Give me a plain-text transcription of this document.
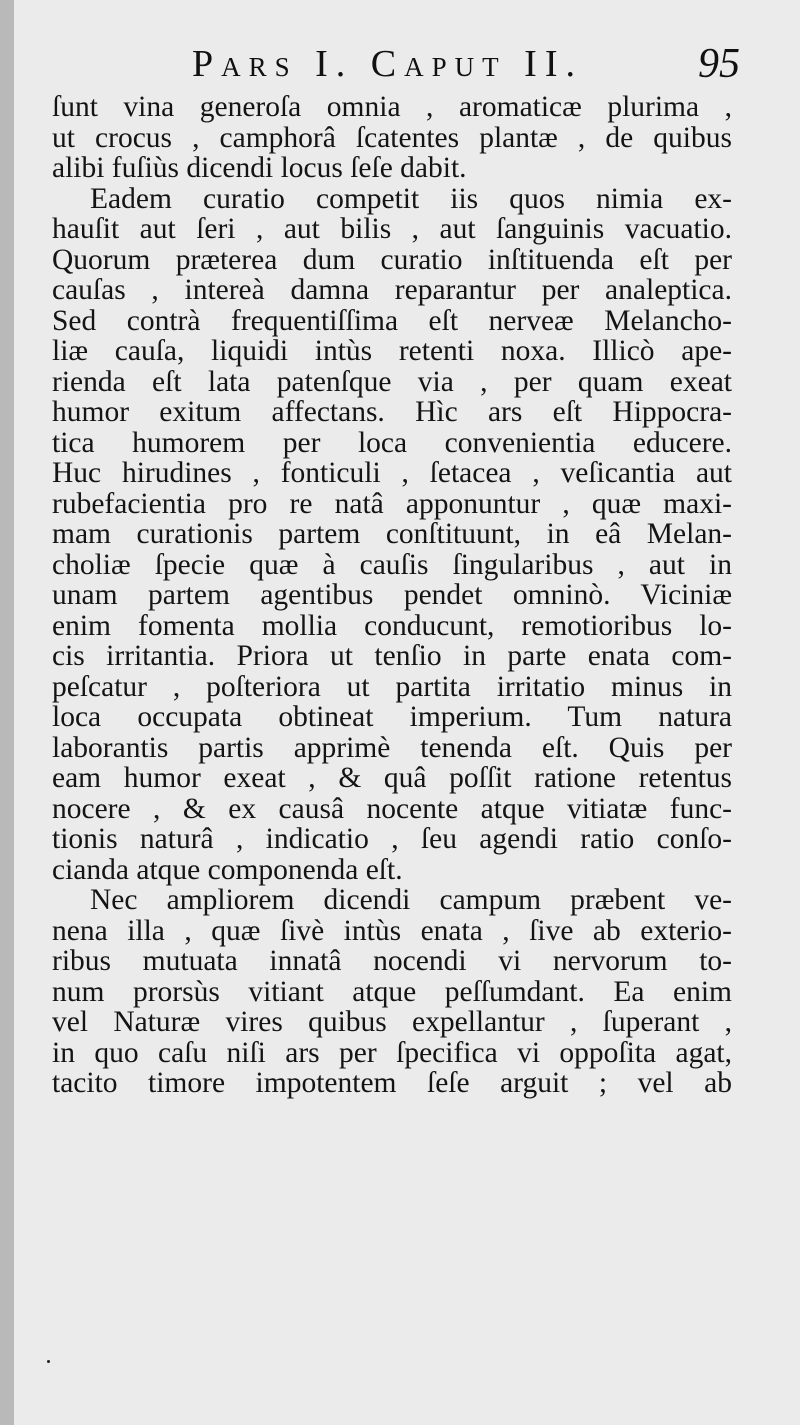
Pars I. Caput II.	95
ſunt vina generoſa omnia , aromaticæ plurima ,
ut crocus , camphorâ ſcatentes plantæ , de quibus
alibi fuſiùs dicendi locus ſeſe dabit.
Eadem curatio competit iis quos nimia ex-
hauſit aut ſeri , aut bilis , aut ſanguinis vacuatio.
Quorum præterea dum curatio inſtituenda eſt per
cauſas , intereà damna reparantur per analeptica.
Sed contrà frequentiſſima eſt nerveæ Melancho-
liæ cauſa, liquidi intùs retenti noxa. Illicò ape-
rienda eſt lata patenſque via , per quam exeat
humor exitum affectans. Hìc ars eſt Hippocra-
tica humorem per loca convenientia educere.
Huc hirudines , fonticuli , ſetacea , veſicantia aut
rubefacientia pro re natâ apponuntur , quæ maxi-
mam curationis partem conſtituunt, in eâ Melan-
choliæ ſpecie quæ à cauſis ſingularibus , aut in
unam partem agentibus pendet omninò. Viciniæ
enim fomenta mollia conducunt, remotioribus lo-
cis irritantia. Priora ut tenſio in parte enata com-
peſcatur , poſteriora ut partita irritatio minus in
loca occupata obtineat imperium. Tum natura
laborantis partis apprimè tenenda eſt. Quis per
eam humor exeat , & quâ poſſit ratione retentus
nocere , & ex causâ nocente atque vitiatæ func-
tionis naturâ , indicatio , ſeu agendi ratio conſo-
cianda atque componenda eſt.
Nec ampliorem dicendi campum præbent ve-
nena illa , quæ ſivè intùs enata , ſive ab exterio-
ribus mutuata innatâ nocendi vi nervorum to-
num prorsùs vitiant atque peſſumdant. Ea enim
vel Naturæ vires quibus expellantur , ſuperant ,
in quo caſu niſi ars per ſpecifica vi oppoſita agat,
tacito timore impotentem ſeſe arguit ; vel ab
